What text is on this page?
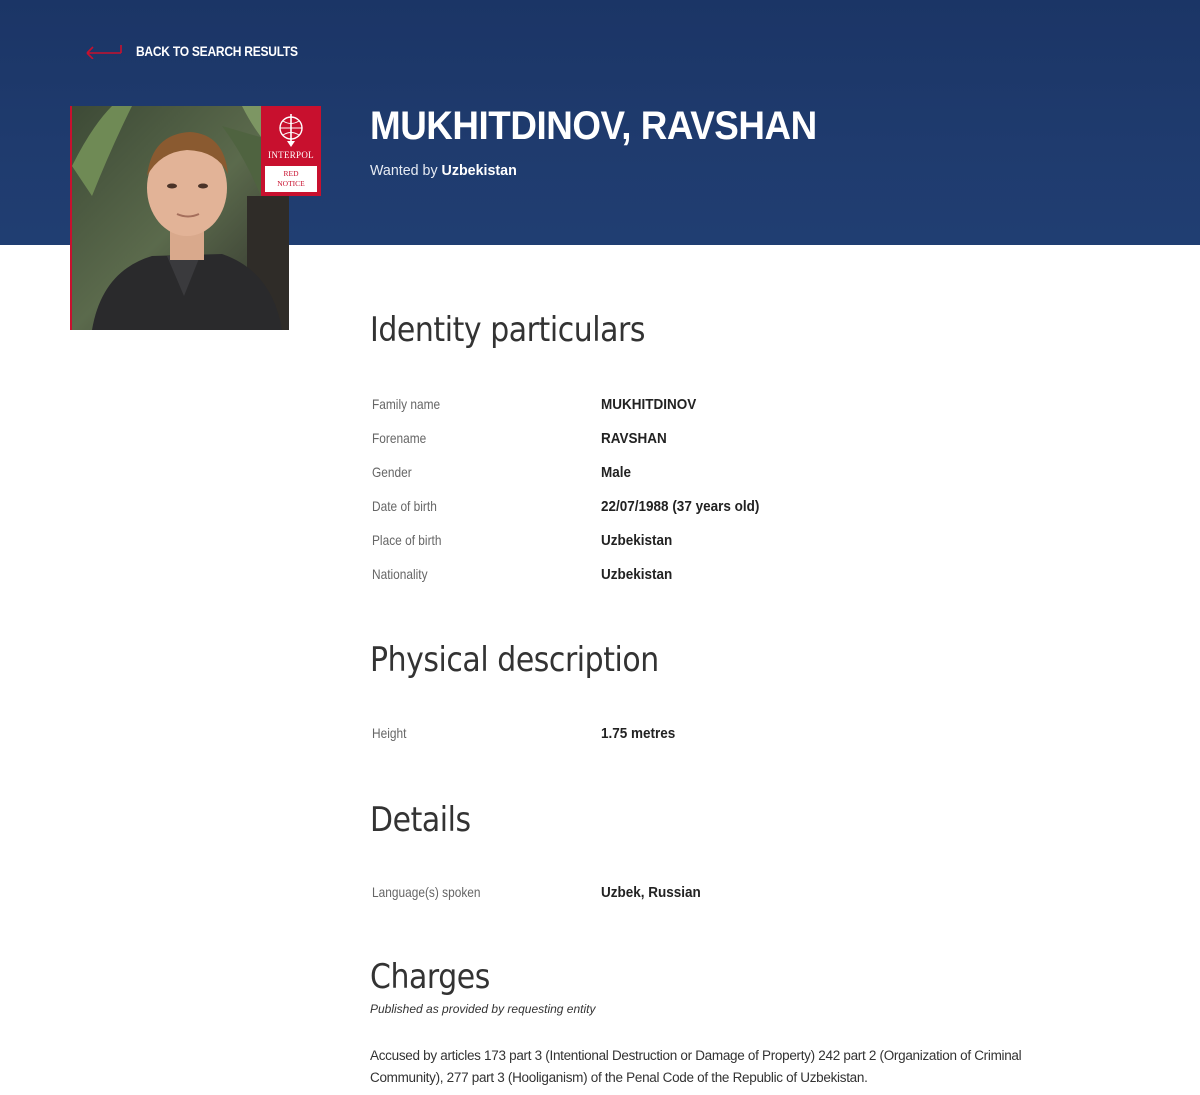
BACK TO SEARCH RESULTS
INTERPOL
RED
NOTICE
MUKHITDINOV, RAVSHAN
Wanted by Uzbekistan
Identity particulars
Family name	MUKHITDINOV
Forename	RAVSHAN
Gender	Male
Date of birth	22/07/1988 (37 years old)
Place of birth	Uzbekistan
Nationality	Uzbekistan
Physical description
Height	1.75 metres
Details
Language(s) spoken	Uzbek, Russian
Charges
Published as provided by requesting entity
Accused by articles 173 part 3 (Intentional Destruction or Damage of Property) 242 part 2 (Organization of Criminal Community), 277 part 3 (Hooliganism) of the Penal Code of the Republic of Uzbekistan.
